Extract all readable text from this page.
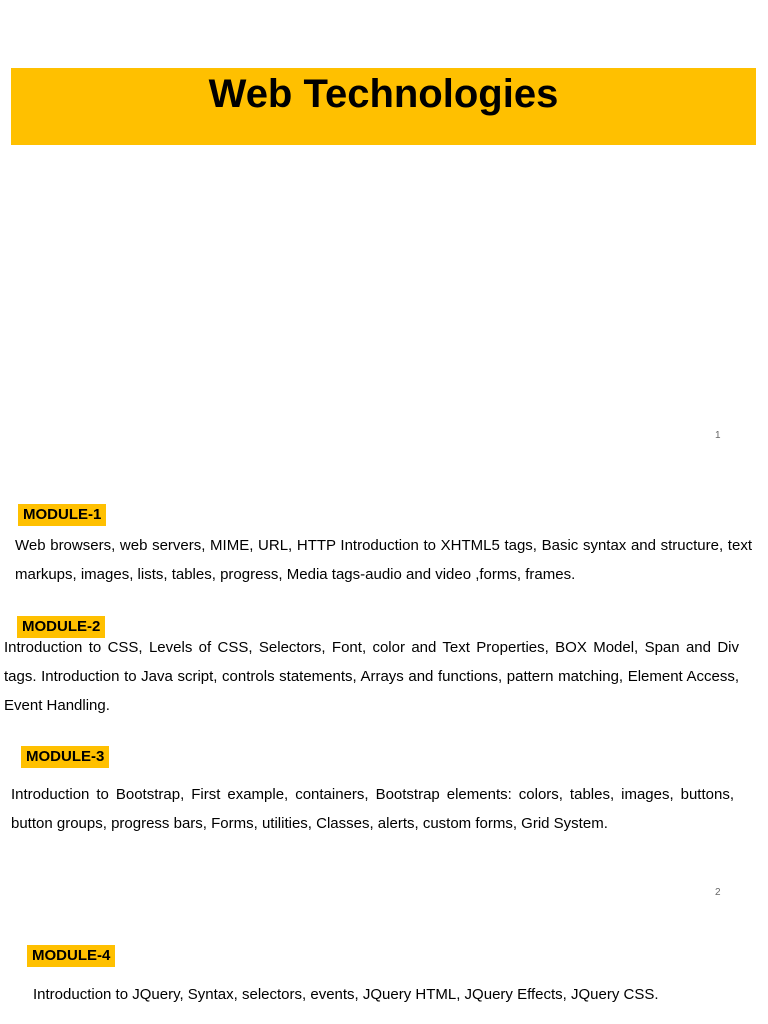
Web Technologies
1
MODULE-1
Web browsers, web servers, MIME, URL, HTTP Introduction to XHTML5 tags, Basic syntax and structure, text markups, images, lists, tables, progress, Media tags-audio and video ,forms, frames.
MODULE-2
Introduction to CSS, Levels of CSS, Selectors, Font, color and Text Properties, BOX Model, Span and Div tags. Introduction to Java script, controls statements, Arrays and functions, pattern matching, Element Access, Event Handling.
MODULE-3
Introduction to Bootstrap, First example, containers, Bootstrap elements: colors, tables, images, buttons, button groups, progress bars, Forms, utilities, Classes, alerts, custom forms, Grid System.
2
MODULE-4
Introduction to JQuery, Syntax, selectors, events, JQuery HTML, JQuery Effects, JQuery CSS.
